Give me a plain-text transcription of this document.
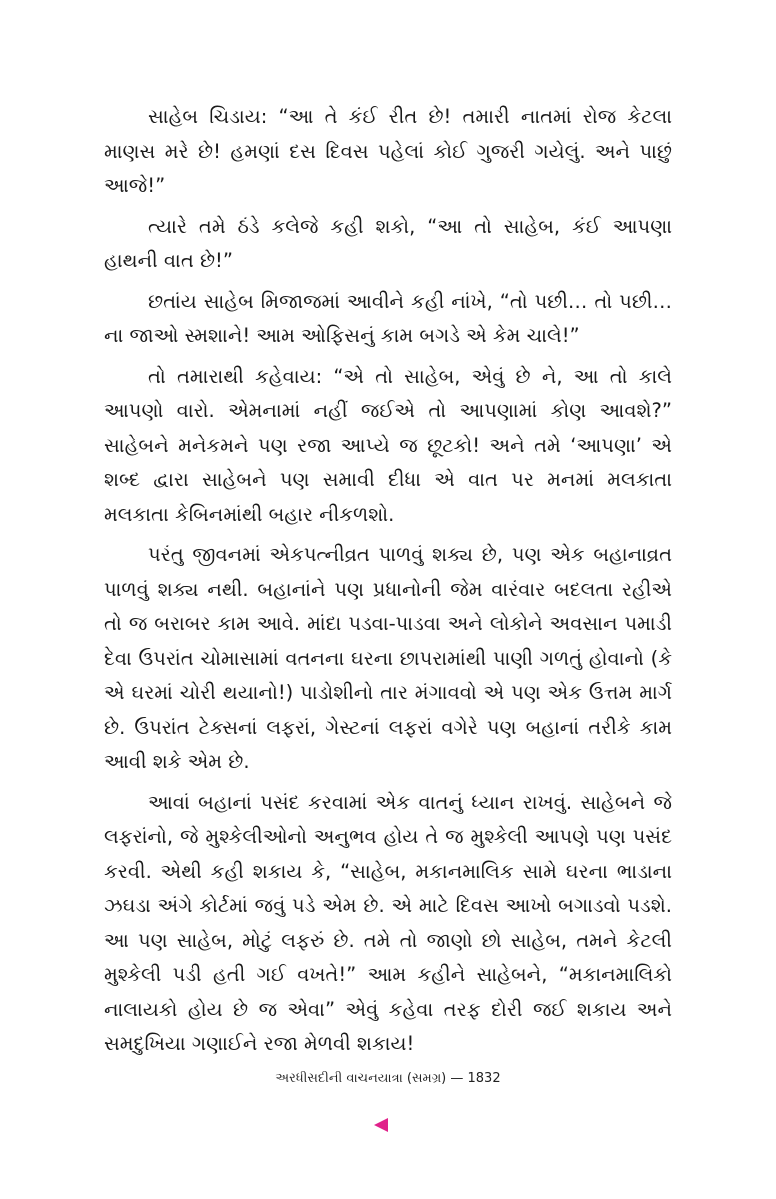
સાહેબ ચિડાય: “આ તે કંઈ રીત છે! તમારી નાતમાં રોજ કેટલા માણસ મરે છે! હમણાં દસ દિવસ પહેલાં કોઈ ગુજરી ગયેલું. અને પાછું આજે!”

ત્યારે તમે ઠંડે કલેજે કહી શકો, “આ તો સાહેબ, કંઈ આપણા હાથની વાત છે!”

છતાંય સાહેબ મિજાજમાં આવીને કહી નાંખે, “તો પછી… તો પછી… ના જાઓ સ્મશાને! આમ ઓફિસનું કામ બગડે એ કેમ ચાલે!”

તો તમારાથી કહેવાય: “એ તો સાહેબ, એવું છે ને, આ તો કાલે આપણો વારો. એમનામાં નહીં જઈએ તો આપણામાં કોણ આવશે?” સાહેબને મનેકમને પણ રજા આપ્યે જ છૂટકો! અને તમે ‘આપણા’ એ શબ્દ દ્વારા સાહેબને પણ સમાવી દીધા એ વાત પર મનમાં મલકાતા મલકાતા કેબિનમાંથી બહાર નીકળશો.

પરંતુ જીવનમાં એકપત્નીવ્રત પાળવું શક્ય છે, પણ એક બહાનાવ્રત પાળવું શક્ય નથી. બહાનાંને પણ પ્રધાનોની જેમ વારંવાર બદલતા રહીએ તો જ બરાબર કામ આવે. માંદા પડવા-પાડવા અને લોકોને અવસાન પમાડી દેવા ઉપરાંત ચોમાસામાં વતનના ઘરના છાપરામાંથી પાણી ગળતું હોવાનો (કે એ ઘરમાં ચોરી થયાનો!) પાડોશીનો તાર મંગાવવો એ પણ એક ઉત્તમ માર્ગ છે. ઉપરાંત ટેક્સનાં લફરાં, ગેસ્ટનાં લફરાં વગેરે પણ બહાનાં તરીકે કામ આવી શકે એમ છે.

આવાં બહાનાં પસંદ કરવામાં એક વાતનું ધ્યાન રાખવું. સાહેબને જે લફરાંનો, જે મુશ્કેલીઓનો અનુભવ હોય તે જ મુશ્કેલી આપણે પણ પસંદ કરવી. એથી કહી શકાય કે, “સાહેબ, મકાનમાલિક સામે ઘરના ભાડાના ઝઘડા અંગે કોર્ટમાં જવું પડે એમ છે. એ માટે દિવસ આખો બગાડવો પડશે. આ પણ સાહેબ, મોટું લફરું છે. તમે તો જાણો છો સાહેબ, તમને કેટલી મુશ્કેલી પડી હતી ગઈ વખતે!” આમ કહીને સાહેબને, “મકાનમાલિકો નાલાયકો હોય છે જ એવા” એવું કહેવા તરફ દોરી જઈ શકાય અને સમદુખિયા ગણાઈને રજા મેળવી શકાય!

અરધીસદીની વાચનયાત્રા (સમગ્ર) — 1832
